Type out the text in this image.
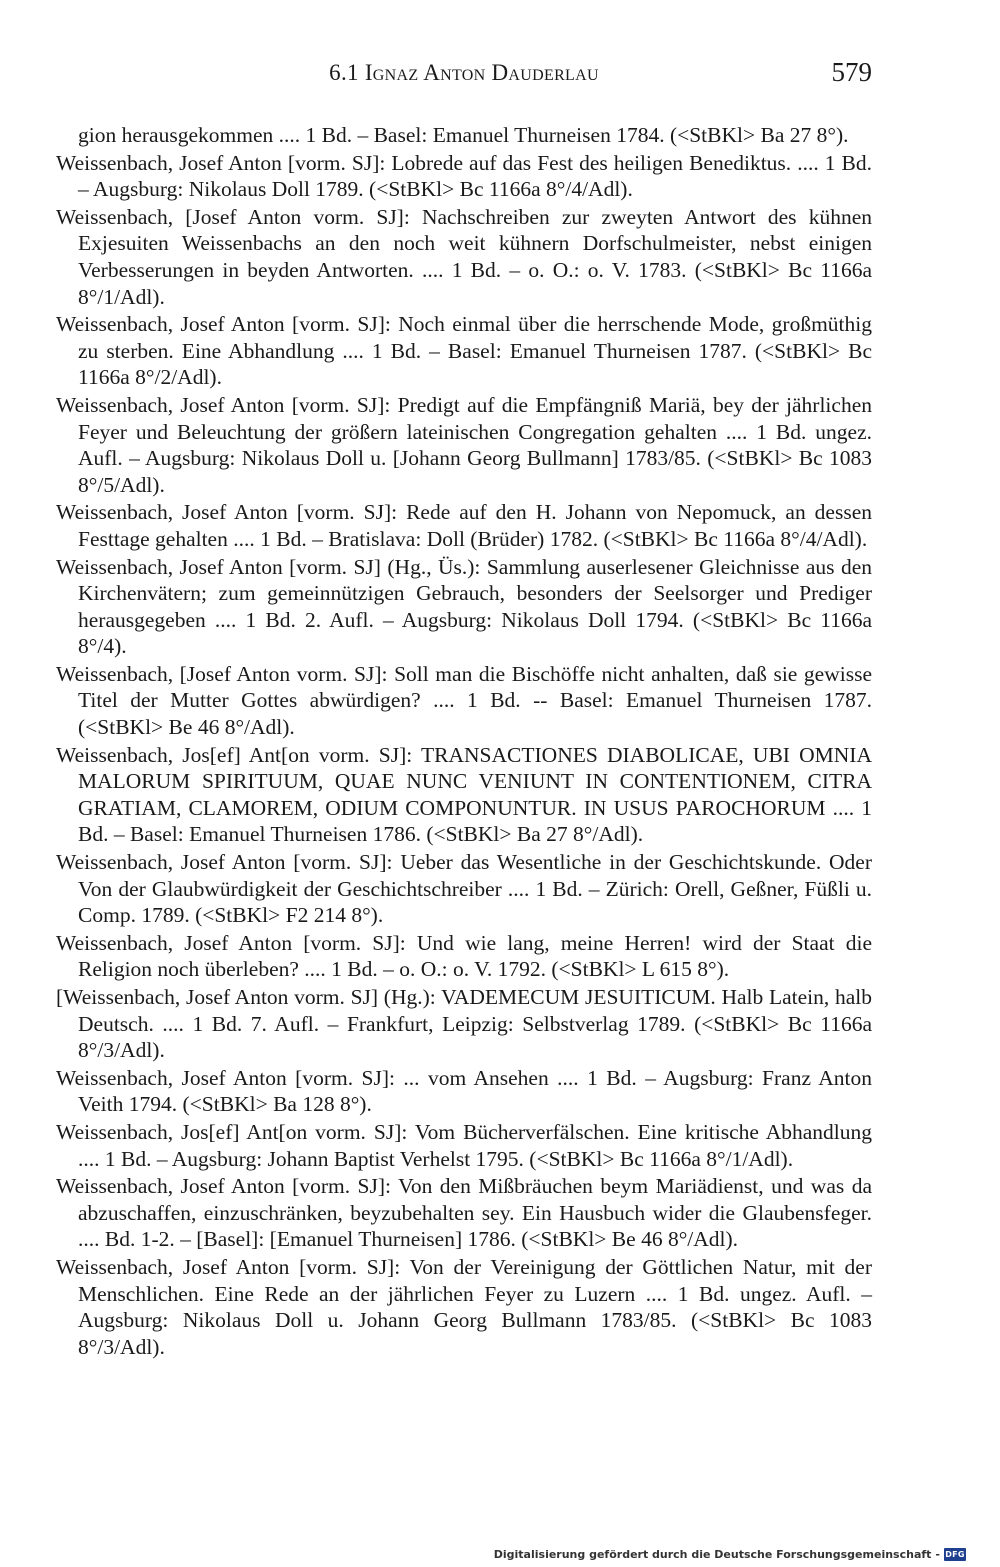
6.1 Ignaz Anton Dauderlau	579

gion herausgekommen .... 1 Bd. – Basel: Emanuel Thurneisen 1784. (<StBKl> Ba 27 8°).

Weissenbach, Josef Anton [vorm. SJ]: Lobrede auf das Fest des heiligen Benediktus. .... 1 Bd. – Augsburg: Nikolaus Doll 1789. (<StBKl> Bc 1166a 8°/4/Adl).

Weissenbach, [Josef Anton vorm. SJ]: Nachschreiben zur zweyten Antwort des kühnen Exjesuiten Weissenbachs an den noch weit kühnern Dorfschulmeister, nebst einigen Verbesserungen in beyden Antworten. .... 1 Bd. – o. O.: o. V. 1783. (<StBKl> Bc 1166a 8°/1/Adl).

Weissenbach, Josef Anton [vorm. SJ]: Noch einmal über die herrschende Mode, großmüthig zu sterben. Eine Abhandlung .... 1 Bd. – Basel: Emanuel Thurneisen 1787. (<StBKl> Bc 1166a 8°/2/Adl).

Weissenbach, Josef Anton [vorm. SJ]: Predigt auf die Empfängniß Mariä, bey der jährlichen Feyer und Beleuchtung der größern lateinischen Congregation gehalten .... 1 Bd. ungez. Aufl. – Augsburg: Nikolaus Doll u. [Johann Georg Bullmann] 1783/85. (<StBKl> Bc 1083 8°/5/Adl).

Weissenbach, Josef Anton [vorm. SJ]: Rede auf den H. Johann von Nepomuck, an dessen Festtage gehalten .... 1 Bd. – Bratislava: Doll (Brüder) 1782. (<StBKl> Bc 1166a 8°/4/Adl).

Weissenbach, Josef Anton [vorm. SJ] (Hg., Üs.): Sammlung auserlesener Gleichnisse aus den Kirchenvätern; zum gemeinnützigen Gebrauch, besonders der Seelsorger und Prediger herausgegeben .... 1 Bd. 2. Aufl. – Augsburg: Nikolaus Doll 1794. (<StBKl> Bc 1166a 8°/4).

Weissenbach, [Josef Anton vorm. SJ]: Soll man die Bischöffe nicht anhalten, daß sie gewisse Titel der Mutter Gottes abwürdigen? .... 1 Bd. -- Basel: Emanuel Thurneisen 1787. (<StBKl> Be 46 8°/Adl).

Weissenbach, Jos[ef] Ant[on vorm. SJ]: TRANSACTIONES DIABOLICAE, UBI OMNIA MALORUM SPIRITUUM, QUAE NUNC VENIUNT IN CONTENTIONEM, CITRA GRATIAM, CLAMOREM, ODIUM COMPONUNTUR. IN USUS PAROCHORUM .... 1 Bd. – Basel: Emanuel Thurneisen 1786. (<StBKl> Ba 27 8°/Adl).

Weissenbach, Josef Anton [vorm. SJ]: Ueber das Wesentliche in der Geschichtskunde. Oder Von der Glaubwürdigkeit der Geschichtschreiber .... 1 Bd. – Zürich: Orell, Geßner, Füßli u. Comp. 1789. (<StBKl> F2 214 8°).

Weissenbach, Josef Anton [vorm. SJ]: Und wie lang, meine Herren! wird der Staat die Religion noch überleben? .... 1 Bd. – o. O.: o. V. 1792. (<StBKl> L 615 8°).

[Weissenbach, Josef Anton vorm. SJ] (Hg.): VADEMECUM JESUITICUM. Halb Latein, halb Deutsch. .... 1 Bd. 7. Aufl. – Frankfurt, Leipzig: Selbstverlag 1789. (<StBKl> Bc 1166a 8°/3/Adl).

Weissenbach, Josef Anton [vorm. SJ]: ... vom Ansehen .... 1 Bd. – Augsburg: Franz Anton Veith 1794. (<StBKl> Ba 128 8°).

Weissenbach, Jos[ef] Ant[on vorm. SJ]: Vom Bücherverfälschen. Eine kritische Abhandlung .... 1 Bd. – Augsburg: Johann Baptist Verhelst 1795. (<StBKl> Bc 1166a 8°/1/Adl).

Weissenbach, Josef Anton [vorm. SJ]: Von den Mißbräuchen beym Mariädienst, und was da abzuschaffen, einzuschränken, beyzubehalten sey. Ein Hausbuch wider die Glaubensfeger. .... Bd. 1-2. – [Basel]: [Emanuel Thurneisen] 1786. (<StBKl> Be 46 8°/Adl).

Weissenbach, Josef Anton [vorm. SJ]: Von der Vereinigung der Göttlichen Natur, mit der Menschlichen. Eine Rede an der jährlichen Feyer zu Luzern .... 1 Bd. ungez. Aufl. – Augsburg: Nikolaus Doll u. Johann Georg Bullmann 1783/85. (<StBKl> Bc 1083 8°/3/Adl).

Digitalisierung gefördert durch die Deutsche Forschungsgemeinschaft - DFG
